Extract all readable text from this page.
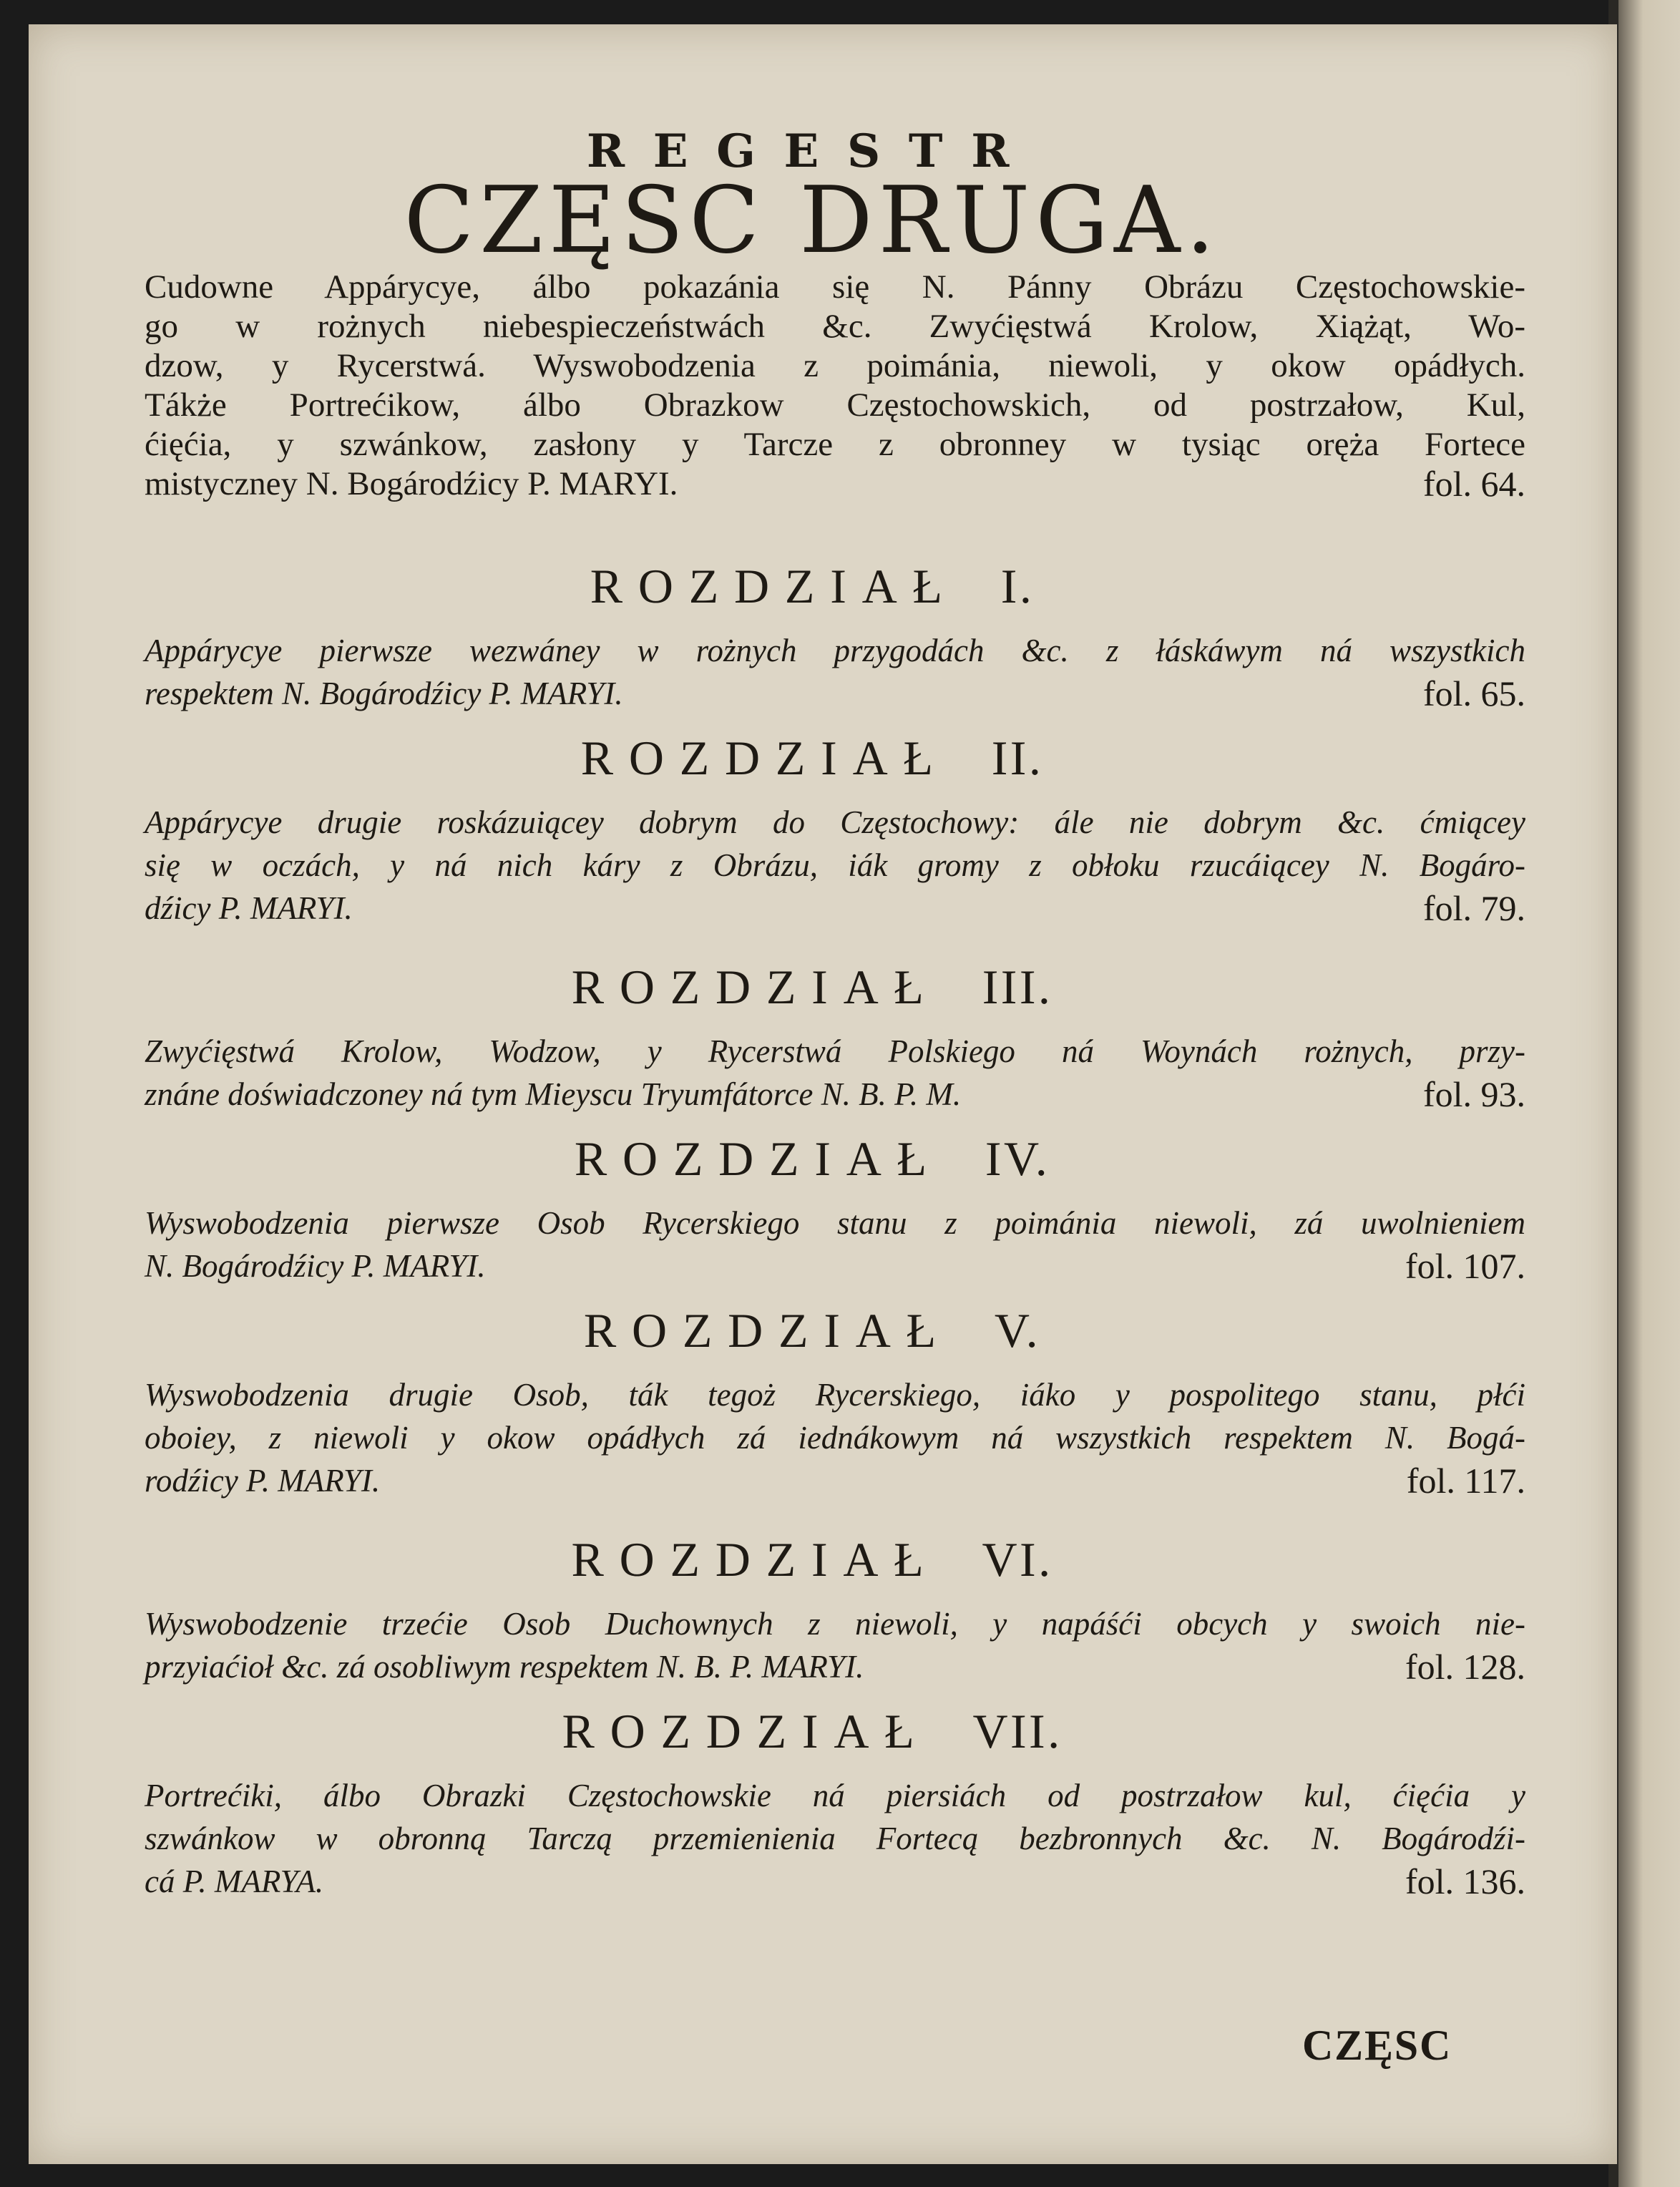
REGESTR
CZĘSC DRUGA.
Cudowne Appárycye, álbo pokazánia się N. Pánny Obrázu Częstochowskie-
go w rożnych niebespieczeństwách &c. Zwyćięstwá Krolow, Xiążąt, Wo-
dzow, y Rycerstwá. Wyswobodzenia z poimánia, niewoli, y okow opádłych.
Tákże Portrećikow, álbo Obrazkow Częstochowskich, od postrzałow, Kul,
ćięćia, y szwánkow, zasłony y Tarcze z obronney w tysiąc oręża Fortece
mistyczney N. Bogárodźicy P. MARYI.	fol. 64.
ROZDZIAŁ I.
Appárycye pierwsze wezwáney w rożnych przygodách &c. z łáskáwym ná wszystkich
respektem N. Bogárodźicy P. MARYI.	fol. 65.
ROZDZIAŁ II.
Appárycye drugie roskázuiącey dobrym do Częstochowy: ále nie dobrym &c. ćmiącey
się w oczách, y ná nich káry z Obrázu, iák gromy z obłoku rzucáiącey N. Bogáro-
dźicy P. MARYI.	fol. 79.
ROZDZIAŁ III.
Zwyćięstwá Krolow, Wodzow, y Rycerstwá Polskiego ná Woynách rożnych, przy-
znáne doświadczoney ná tym Mieyscu Tryumfátorce N. B. P. M.	fol. 93.
ROZDZIAŁ IV.
Wyswobodzenia pierwsze Osob Rycerskiego stanu z poimánia niewoli, zá uwolnieniem
N. Bogárodźicy P. MARYI.	fol. 107.
ROZDZIAŁ V.
Wyswobodzenia drugie Osob, ták tegoż Rycerskiego, iáko y pospolitego stanu, płći
oboiey, z niewoli y okow opádłych zá iednákowym ná wszystkich respektem N. Bogá-
rodźicy P. MARYI.	fol. 117.
ROZDZIAŁ VI.
Wyswobodzenie trzećie Osob Duchownych z niewoli, y napáśći obcych y swoich nie-
przyiaćioł &c. zá osobliwym respektem N. B. P. MARYI.	fol. 128.
ROZDZIAŁ VII.
Portrećiki, álbo Obrazki Częstochowskie ná piersiách od postrzałow kul, ćięćia y
szwánkow w obronną Tarczą przemienienia Fortecą bezbronnych &c. N. Bogárodźi-
cá P. MARYA.	fol. 136.
CZĘSC
